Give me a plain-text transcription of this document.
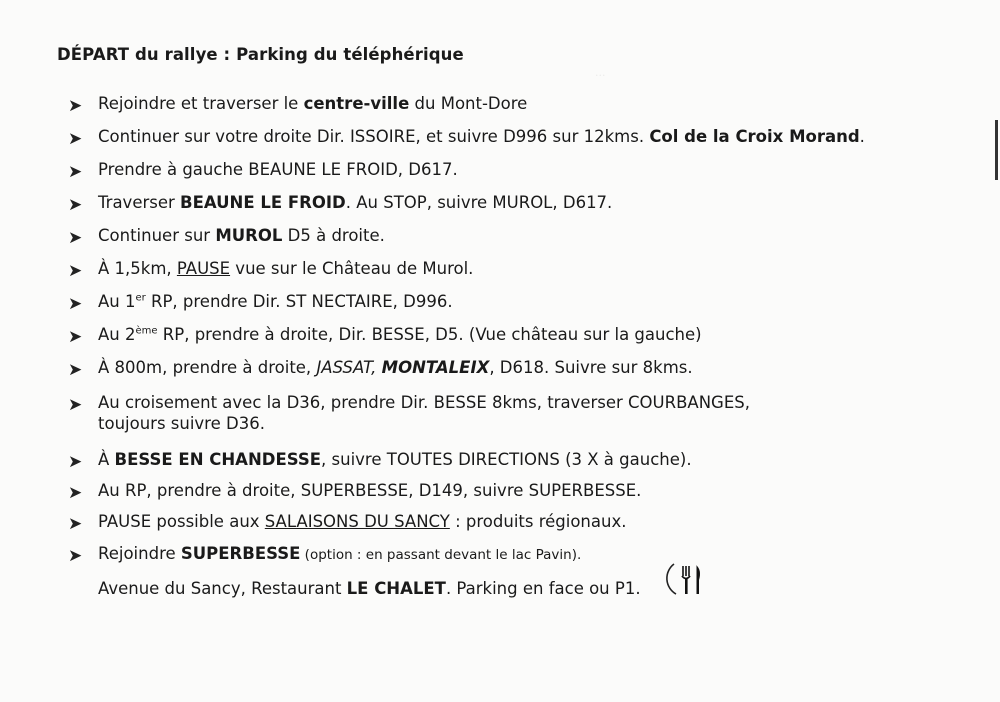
DÉPART du rallye : Parking du téléphérique
➤ Rejoindre et traverser le centre-ville du Mont-Dore
➤ Continuer sur votre droite Dir. ISSOIRE, et suivre D996 sur 12kms. Col de la Croix Morand.
➤ Prendre à gauche BEAUNE LE FROID, D617.
➤ Traverser BEAUNE LE FROID. Au STOP, suivre MUROL, D617.
➤ Continuer sur MUROL D5 à droite.
➤ À 1,5km, PAUSE vue sur le Château de Murol.
➤ Au 1er RP, prendre Dir. ST NECTAIRE, D996.
➤ Au 2ème RP, prendre à droite, Dir. BESSE, D5. (Vue château sur la gauche)
➤ À 800m, prendre à droite, JASSAT, MONTALEIX, D618. Suivre sur 8kms.
➤ Au croisement avec la D36, prendre Dir. BESSE 8kms, traverser COURBANGES,
toujours suivre D36.
➤ À BESSE EN CHANDESSE, suivre TOUTES DIRECTIONS (3 X à gauche).
➤ Au RP, prendre à droite, SUPERBESSE, D149, suivre SUPERBESSE.
➤ PAUSE possible aux SALAISONS DU SANCY : produits régionaux.
➤ Rejoindre SUPERBESSE (option : en passant devant le lac Pavin).
Avenue du Sancy, Restaurant LE CHALET. Parking en face ou P1.
...
